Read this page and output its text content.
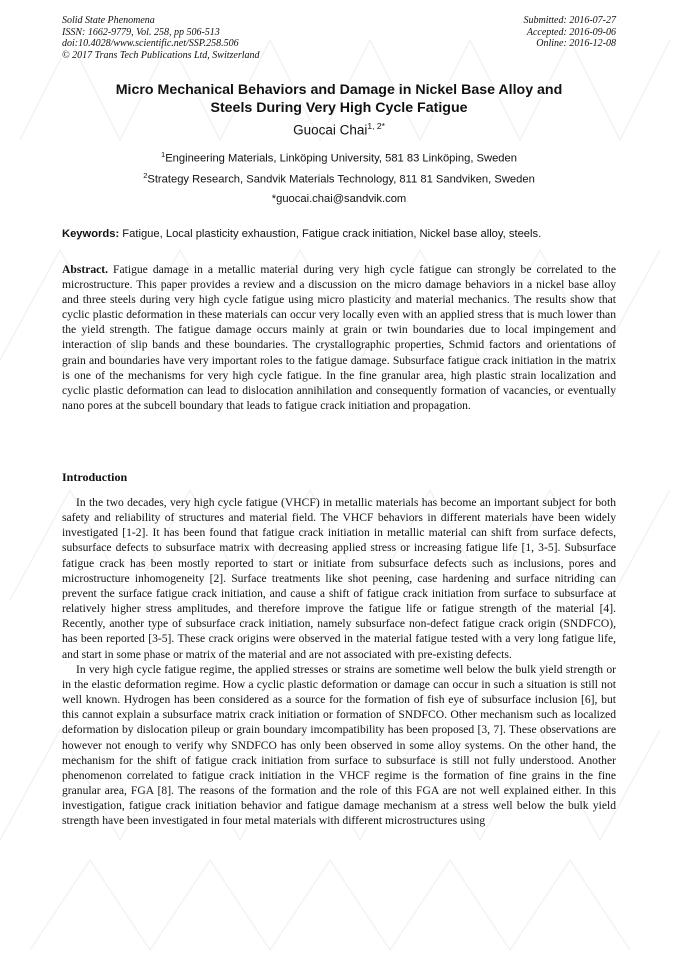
Solid State Phenomena
ISSN: 1662-9779, Vol. 258, pp 506-513
doi:10.4028/www.scientific.net/SSP.258.506
© 2017 Trans Tech Publications Ltd, Switzerland
Submitted: 2016-07-27
Accepted: 2016-09-06
Online: 2016-12-08
Micro Mechanical Behaviors and Damage in Nickel Base Alloy and
Steels During Very High Cycle Fatigue
Guocai Chai$^{1, 2*}$
$^1$Engineering Materials, Linköping University, 581 83 Linköping, Sweden
$^2$Strategy Research, Sandvik Materials Technology, 811 81 Sandviken, Sweden
*guocai.chai@sandvik.com
Keywords: Fatigue, Local plasticity exhaustion, Fatigue crack initiation, Nickel base alloy, steels.

Abstract. Fatigue damage in a metallic material during very high cycle fatigue can strongly be correlated to the microstructure. This paper provides a review and a discussion on the micro damage behaviors in a nickel base alloy and three steels during very high cycle fatigue using micro plasticity and material mechanics. The results show that cyclic plastic deformation in these materials can occur very locally even with an applied stress that is much lower than the yield strength. The fatigue damage occurs mainly at grain or twin boundaries due to local impingement and interaction of slip bands and these boundaries. The crystallographic properties, Schmid factors and orientations of grain and boundaries have very important roles to the fatigue damage. Subsurface fatigue crack initiation in the matrix is one of the mechanisms for very high cycle fatigue. In the fine granular area, high plastic strain localization and cyclic plastic deformation can lead to dislocation annihilation and consequently formation of vacancies, or eventually nano pores at the subcell boundary that leads to fatigue crack initiation and propagation.

Introduction

In the two decades, very high cycle fatigue (VHCF) in metallic materials has become an important subject for both safety and reliability of structures and material field. The VHCF behaviors in different materials have been widely investigated [1-2]. It has been found that fatigue crack initiation in metallic material can shift from surface defects, subsurface defects to subsurface matrix with decreasing applied stress or increasing fatigue life [1, 3-5]. Subsurface fatigue crack has been mostly reported to start or initiate from subsurface defects such as inclusions, pores and microstructure inhomogeneity [2]. Surface treatments like shot peening, case hardening and surface nitriding can prevent the surface fatigue crack initiation, and cause a shift of fatigue crack initiation from surface to subsurface at relatively higher stress amplitudes, and therefore improve the fatigue life or fatigue strength of the material [4]. Recently, another type of subsurface crack initiation, namely subsurface non-defect fatigue crack origin (SNDFCO), has been reported [3-5]. These crack origins were observed in the material fatigue tested with a very long fatigue life, and start in some phase or matrix of the material and are not associated with pre-existing defects.

In very high cycle fatigue regime, the applied stresses or strains are sometime well below the bulk yield strength or in the elastic deformation regime. How a cyclic plastic deformation or damage can occur in such a situation is still not well known. Hydrogen has been considered as a source for the formation of fish eye of subsurface inclusion [6], but this cannot explain a subsurface matrix crack initiation or formation of SNDFCO. Other mechanism such as localized deformation by dislocation pileup or grain boundary imcompatibility has been proposed [3, 7]. These observations are however not enough to verify why SNDFCO has only been observed in some alloy systems. On the other hand, the mechanism for the shift of fatigue crack initiation from surface to subsurface is still not fully understood. Another phenomenon correlated to fatigue crack initiation in the VHCF regime is the formation of fine grains in the fine granular area, FGA [8]. The reasons of the formation and the role of this FGA are not well explained either. In this investigation, fatigue crack initiation behavior and fatigue damage mechanism at a stress well below the bulk yield strength have been investigated in four metal materials with different microstructures using
